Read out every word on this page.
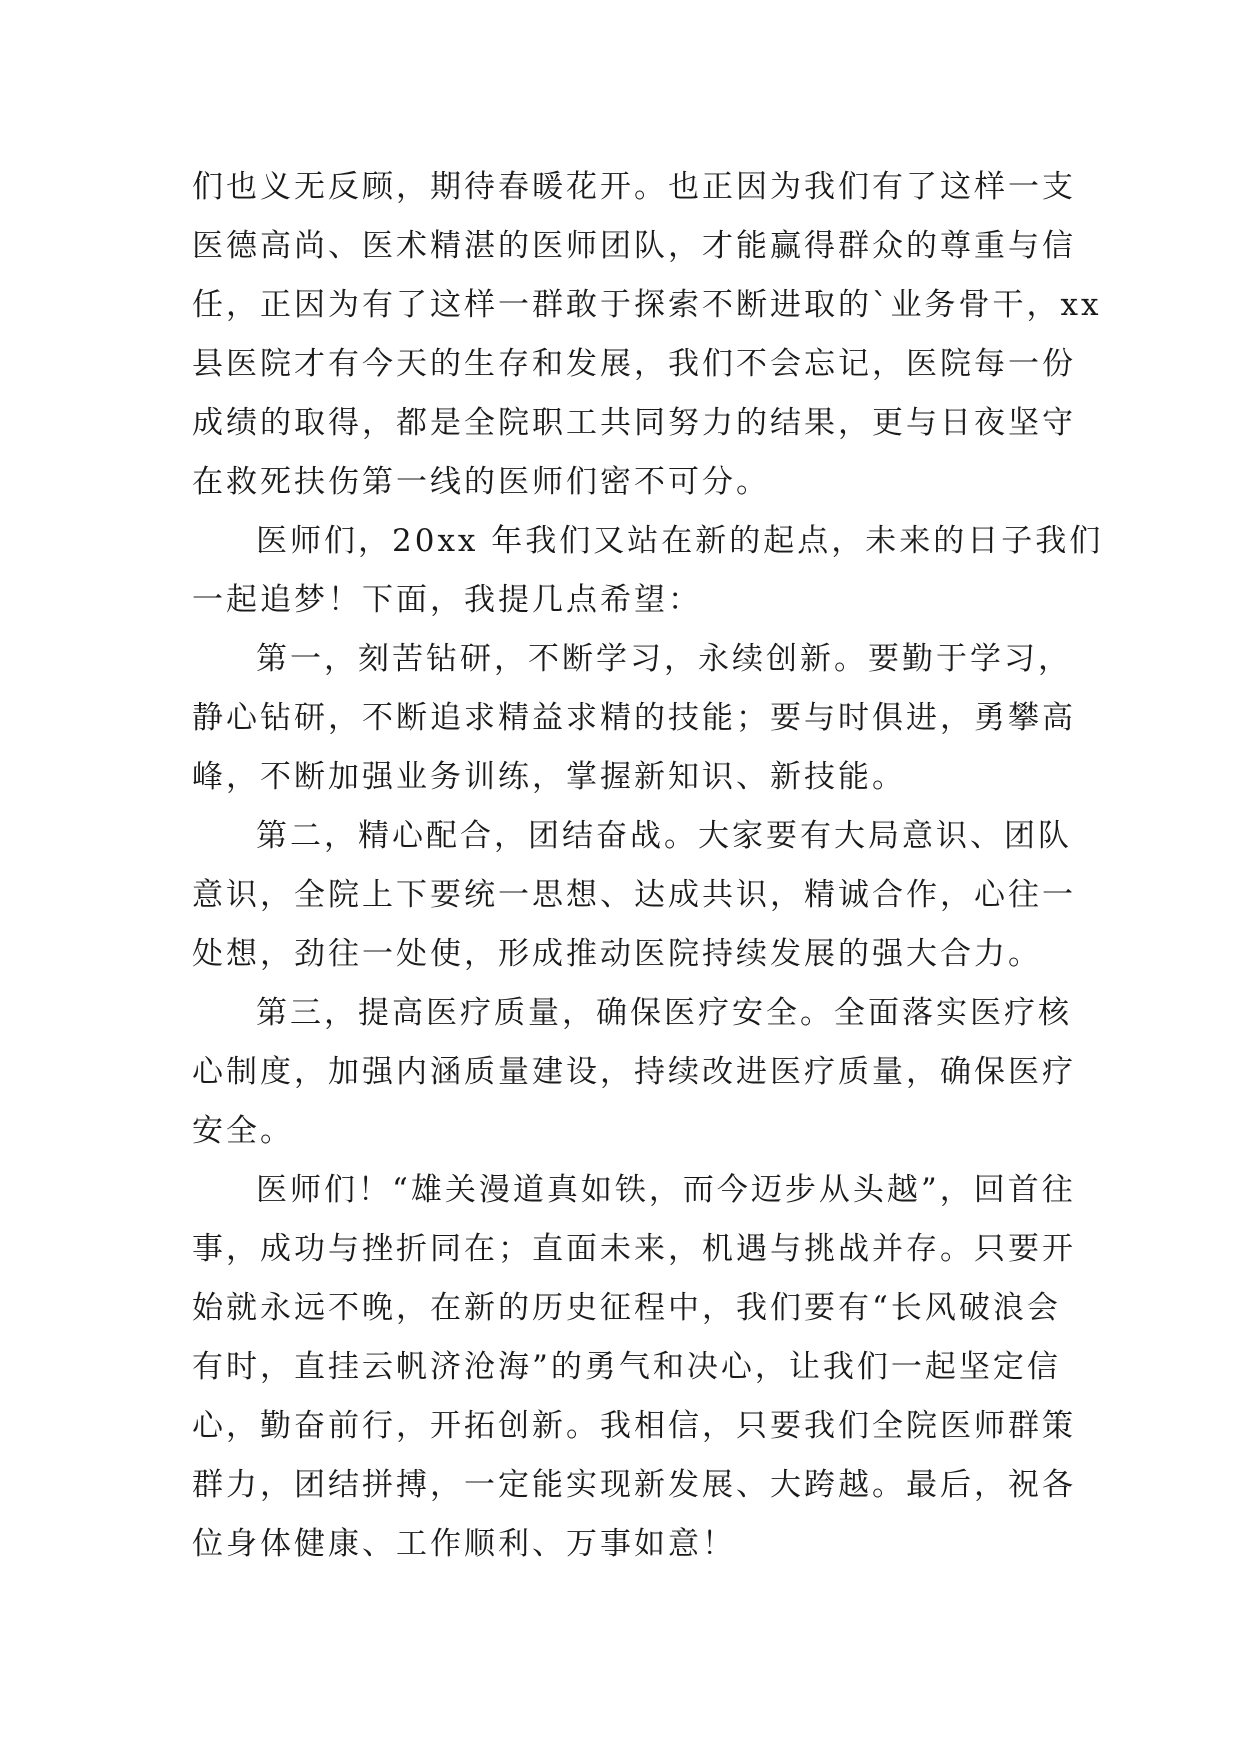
们也义无反顾，期待春暖花开。也正因为我们有了这样一支
医德高尚、医术精湛的医师团队，才能赢得群众的尊重与信
任，正因为有了这样一群敢于探索不断进取的`业务骨干，xx
县医院才有今天的生存和发展，我们不会忘记，医院每一份
成绩的取得，都是全院职工共同努力的结果，更与日夜坚守
在救死扶伤第一线的医师们密不可分。
医师们，20xx 年我们又站在新的起点，未来的日子我们
一起追梦！下面，我提几点希望：
第一，刻苦钻研，不断学习，永续创新。要勤于学习，
静心钻研，不断追求精益求精的技能；要与时俱进，勇攀高
峰，不断加强业务训练，掌握新知识、新技能。
第二，精心配合，团结奋战。大家要有大局意识、团队
意识，全院上下要统一思想、达成共识，精诚合作，心往一
处想，劲往一处使，形成推动医院持续发展的强大合力。
第三，提高医疗质量，确保医疗安全。全面落实医疗核
心制度，加强内涵质量建设，持续改进医疗质量，确保医疗
安全。
医师们！“雄关漫道真如铁，而今迈步从头越”，回首往
事，成功与挫折同在；直面未来，机遇与挑战并存。只要开
始就永远不晚，在新的历史征程中，我们要有“长风破浪会
有时，直挂云帆济沧海”的勇气和决心，让我们一起坚定信
心，勤奋前行，开拓创新。我相信，只要我们全院医师群策
群力，团结拼搏，一定能实现新发展、大跨越。最后，祝各
位身体健康、工作顺利、万事如意！
